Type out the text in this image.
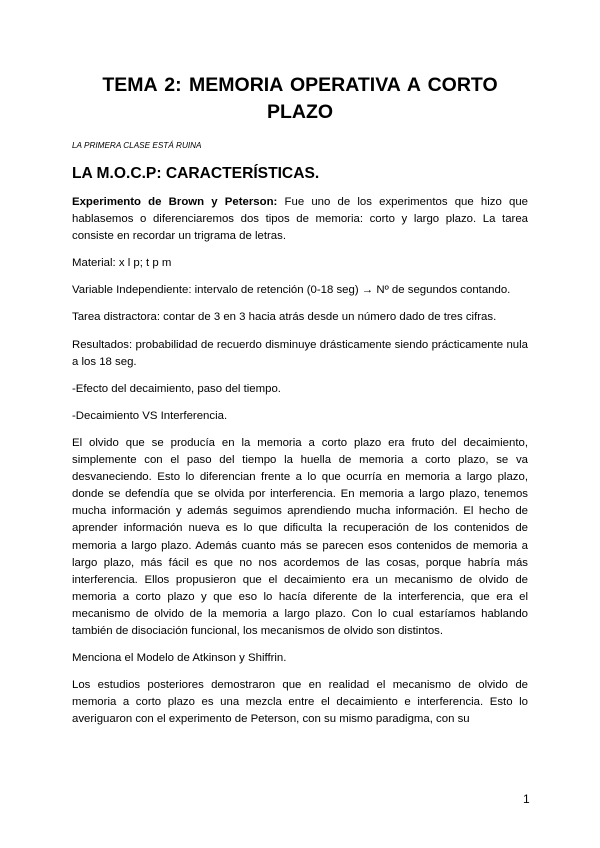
TEMA 2: MEMORIA OPERATIVA A CORTO PLAZO
LA PRIMERA CLASE ESTÁ RUINA
LA M.O.C.P: CARACTERÍSTICAS.

Experimento de Brown y Peterson: Fue uno de los experimentos que hizo que hablasemos o diferenciaremos dos tipos de memoria: corto y largo plazo. La tarea consiste en recordar un trigrama de letras.

Material: x l p; t p m

Variable Independiente: intervalo de retención (0-18 seg) → Nº de segundos contando.

Tarea distractora: contar de 3 en 3 hacia atrás desde un número dado de tres cifras.

Resultados: probabilidad de recuerdo disminuye drásticamente siendo prácticamente nula a los 18 seg.

-Efecto del decaimiento, paso del tiempo.

-Decaimiento VS Interferencia.

El olvido que se producía en la memoria a corto plazo era fruto del decaimiento, simplemente con el paso del tiempo la huella de memoria a corto plazo, se va desvaneciendo. Esto lo diferencian frente a lo que ocurría en memoria a largo plazo, donde se defendía que se olvida por interferencia. En memoria a largo plazo, tenemos mucha información y además seguimos aprendiendo mucha información. El hecho de aprender información nueva es lo que dificulta la recuperación de los contenidos de memoria a largo plazo. Además cuanto más se parecen esos contenidos de memoria a largo plazo, más fácil es que no nos acordemos de las cosas, porque habría más interferencia. Ellos propusieron que el decaimiento era un mecanismo de olvido de memoria a corto plazo y que eso lo hacía diferente de la interferencia, que era el mecanismo de olvido de la memoria a largo plazo. Con lo cual estaríamos hablando también de disociación funcional, los mecanismos de olvido son distintos.

Menciona el Modelo de Atkinson y Shiffrin.

Los estudios posteriores demostraron que en realidad el mecanismo de olvido de memoria a corto plazo es una mezcla entre el decaimiento e interferencia. Esto lo averiguaron con el experimento de Peterson, con su mismo paradigma, con su

1
